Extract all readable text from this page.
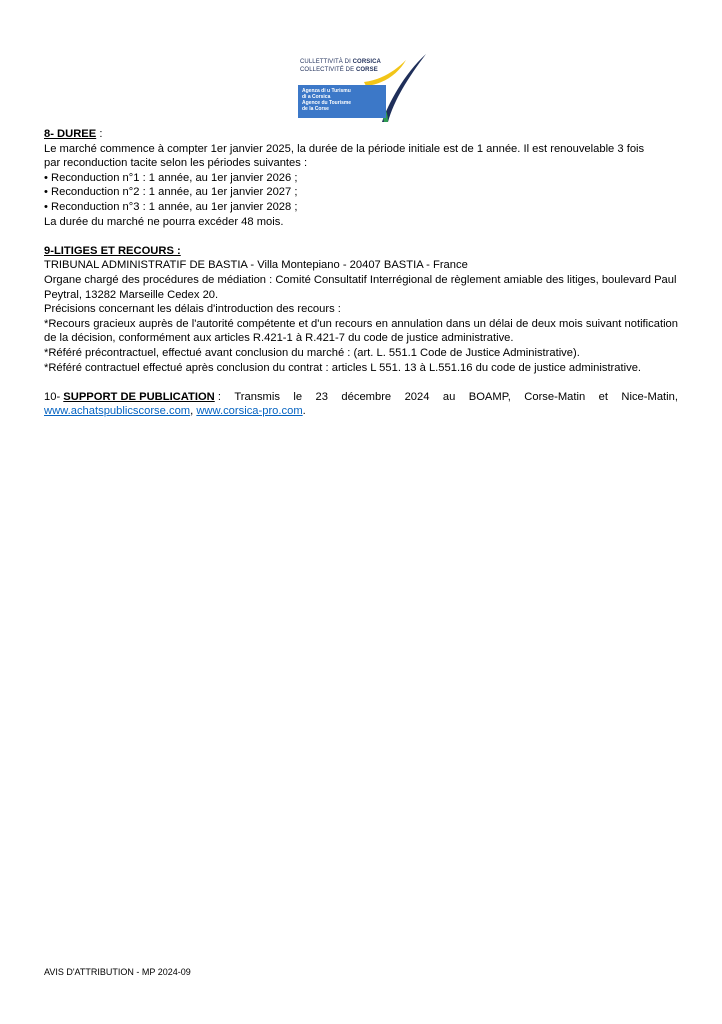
CULLETTIVITÀ DI CORSICA
COLLECTIVITÉ DE CORSE
Agenza di u Turismu
di a Corsica
Agence du Tourisme
de la Corse

8- DUREE :

Le marché commence à compter 1er janvier 2025, la durée de la période initiale est de 1 année. Il est renouvelable 3 fois

par reconduction tacite selon les périodes suivantes :

• Reconduction n°1 : 1 année, au 1er janvier 2026 ;

• Reconduction n°2 : 1 année, au 1er janvier 2027 ;

• Reconduction n°3 : 1 année, au 1er janvier 2028 ;

La durée du marché ne pourra excéder 48 mois.

9-LITIGES ET RECOURS :

TRIBUNAL ADMINISTRATIF DE BASTIA - Villa Montepiano - 20407 BASTIA - France

Organe chargé des procédures de médiation : Comité Consultatif Interrégional de règlement amiable des litiges, boulevard Paul Peytral, 13282 Marseille Cedex 20.

Précisions concernant les délais d'introduction des recours :

*Recours gracieux auprès de l'autorité compétente et d'un recours en annulation dans un délai de deux mois suivant notification de la décision, conformément aux articles R.421-1 à R.421-7 du code de justice administrative.

*Référé précontractuel, effectué avant conclusion du marché : (art. L. 551.1 Code de Justice Administrative).

*Référé contractuel effectué après conclusion du contrat : articles L 551. 13 à L.551.16 du code de justice administrative.

10- SUPPORT DE PUBLICATION : Transmis le 23 décembre 2024 au BOAMP, Corse-Matin et Nice-Matin,

www.achatspublicscorse.com, www.corsica-pro.com.

AVIS D'ATTRIBUTION - MP 2024-09
